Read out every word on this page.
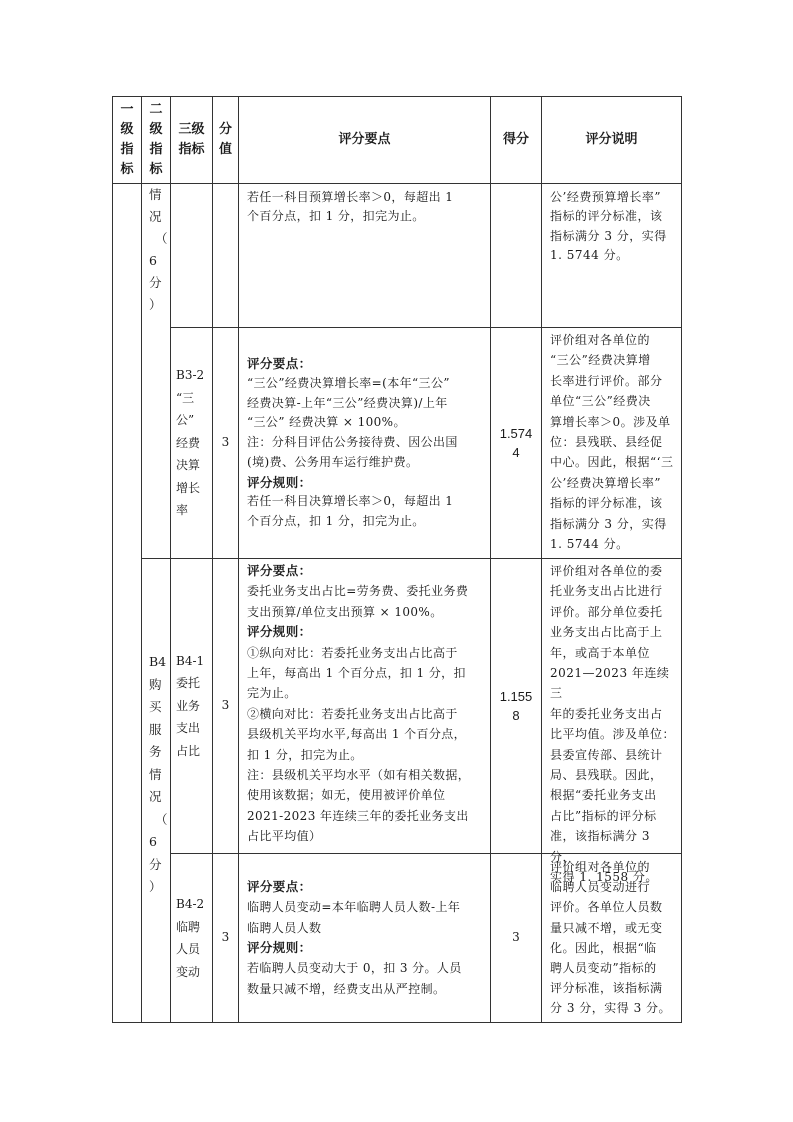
一
级
指
标
二
级
指
标
三级
指标
分
值
评分要点	得分	评分说明
情
况
（
6
分
）
B4
购
买
服
务
情
况
（
6
分
）

若任一科目预算增长率＞0，每超出 1

个百分点，扣 1 分，扣完为止。

公’经费预算增长率”
指标的评分标准，该
指标满分 3 分，实得
1. 5744 分。
B3-2
“三
公”
经费
决算
增长
率
3

评分要点：

“三公”经费决算增长率=(本年“三公”

经费决算-上年“三公”经费决算)/上年

“三公” 经费决算 × 100%。

注：分科目评估公务接待费、因公出国

(境)费、公务用车运行维护费。

评分规则：

若任一科目决算增长率＞0，每超出 1

个百分点，扣 1 分，扣完为止。

1.574
4
评价组对各单位的
“三公”经费决算增
长率进行评价。部分
单位“三公”经费决
算增长率＞0。涉及单
位：县残联、县经促
中心。因此，根据“‘三
公’经费决算增长率”
指标的评分标准，该
指标满分 3 分，实得
1. 5744 分。
B4-1
委托
业务
支出
占比
3

评分要点：

委托业务支出占比=劳务费、委托业务费

支出预算/单位支出预算 × 100%。

评分规则：

①纵向对比：若委托业务支出占比高于

上年，每高出 1 个百分点，扣 1 分，扣

完为止。

②横向对比：若委托业务支出占比高于

县级机关平均水平,每高出 1 个百分点，

扣 1 分，扣完为止。

注：县级机关平均水平（如有相关数据，

使用该数据；如无，使用被评价单位

2021-2023 年连续三年的委托业务支出

占比平均值）

1.155
8
评价组对各单位的委
托业务支出占比进行
评价。部分单位委托
业务支出占比高于上
年，或高于本单位
2021—2023 年连续三
年的委托业务支出占
比平均值。涉及单位：
县委宣传部、县统计
局、县残联。因此，
根据“委托业务支出
占比”指标的评分标
准，该指标满分 3 分，
实得 1. 1558 分。
B4-2
临聘
人员
变动
3

评分要点：

临聘人员变动=本年临聘人员人数-上年

临聘人员人数

评分规则：

若临聘人员变动大于 0，扣 3 分。人员

数量只减不增，经费支出从严控制。

3
评价组对各单位的
临聘人员变动进行
评价。各单位人员数
量只减不增，或无变
化。因此，根据“临
聘人员变动”指标的
评分标准，该指标满
分 3 分，实得 3 分。
